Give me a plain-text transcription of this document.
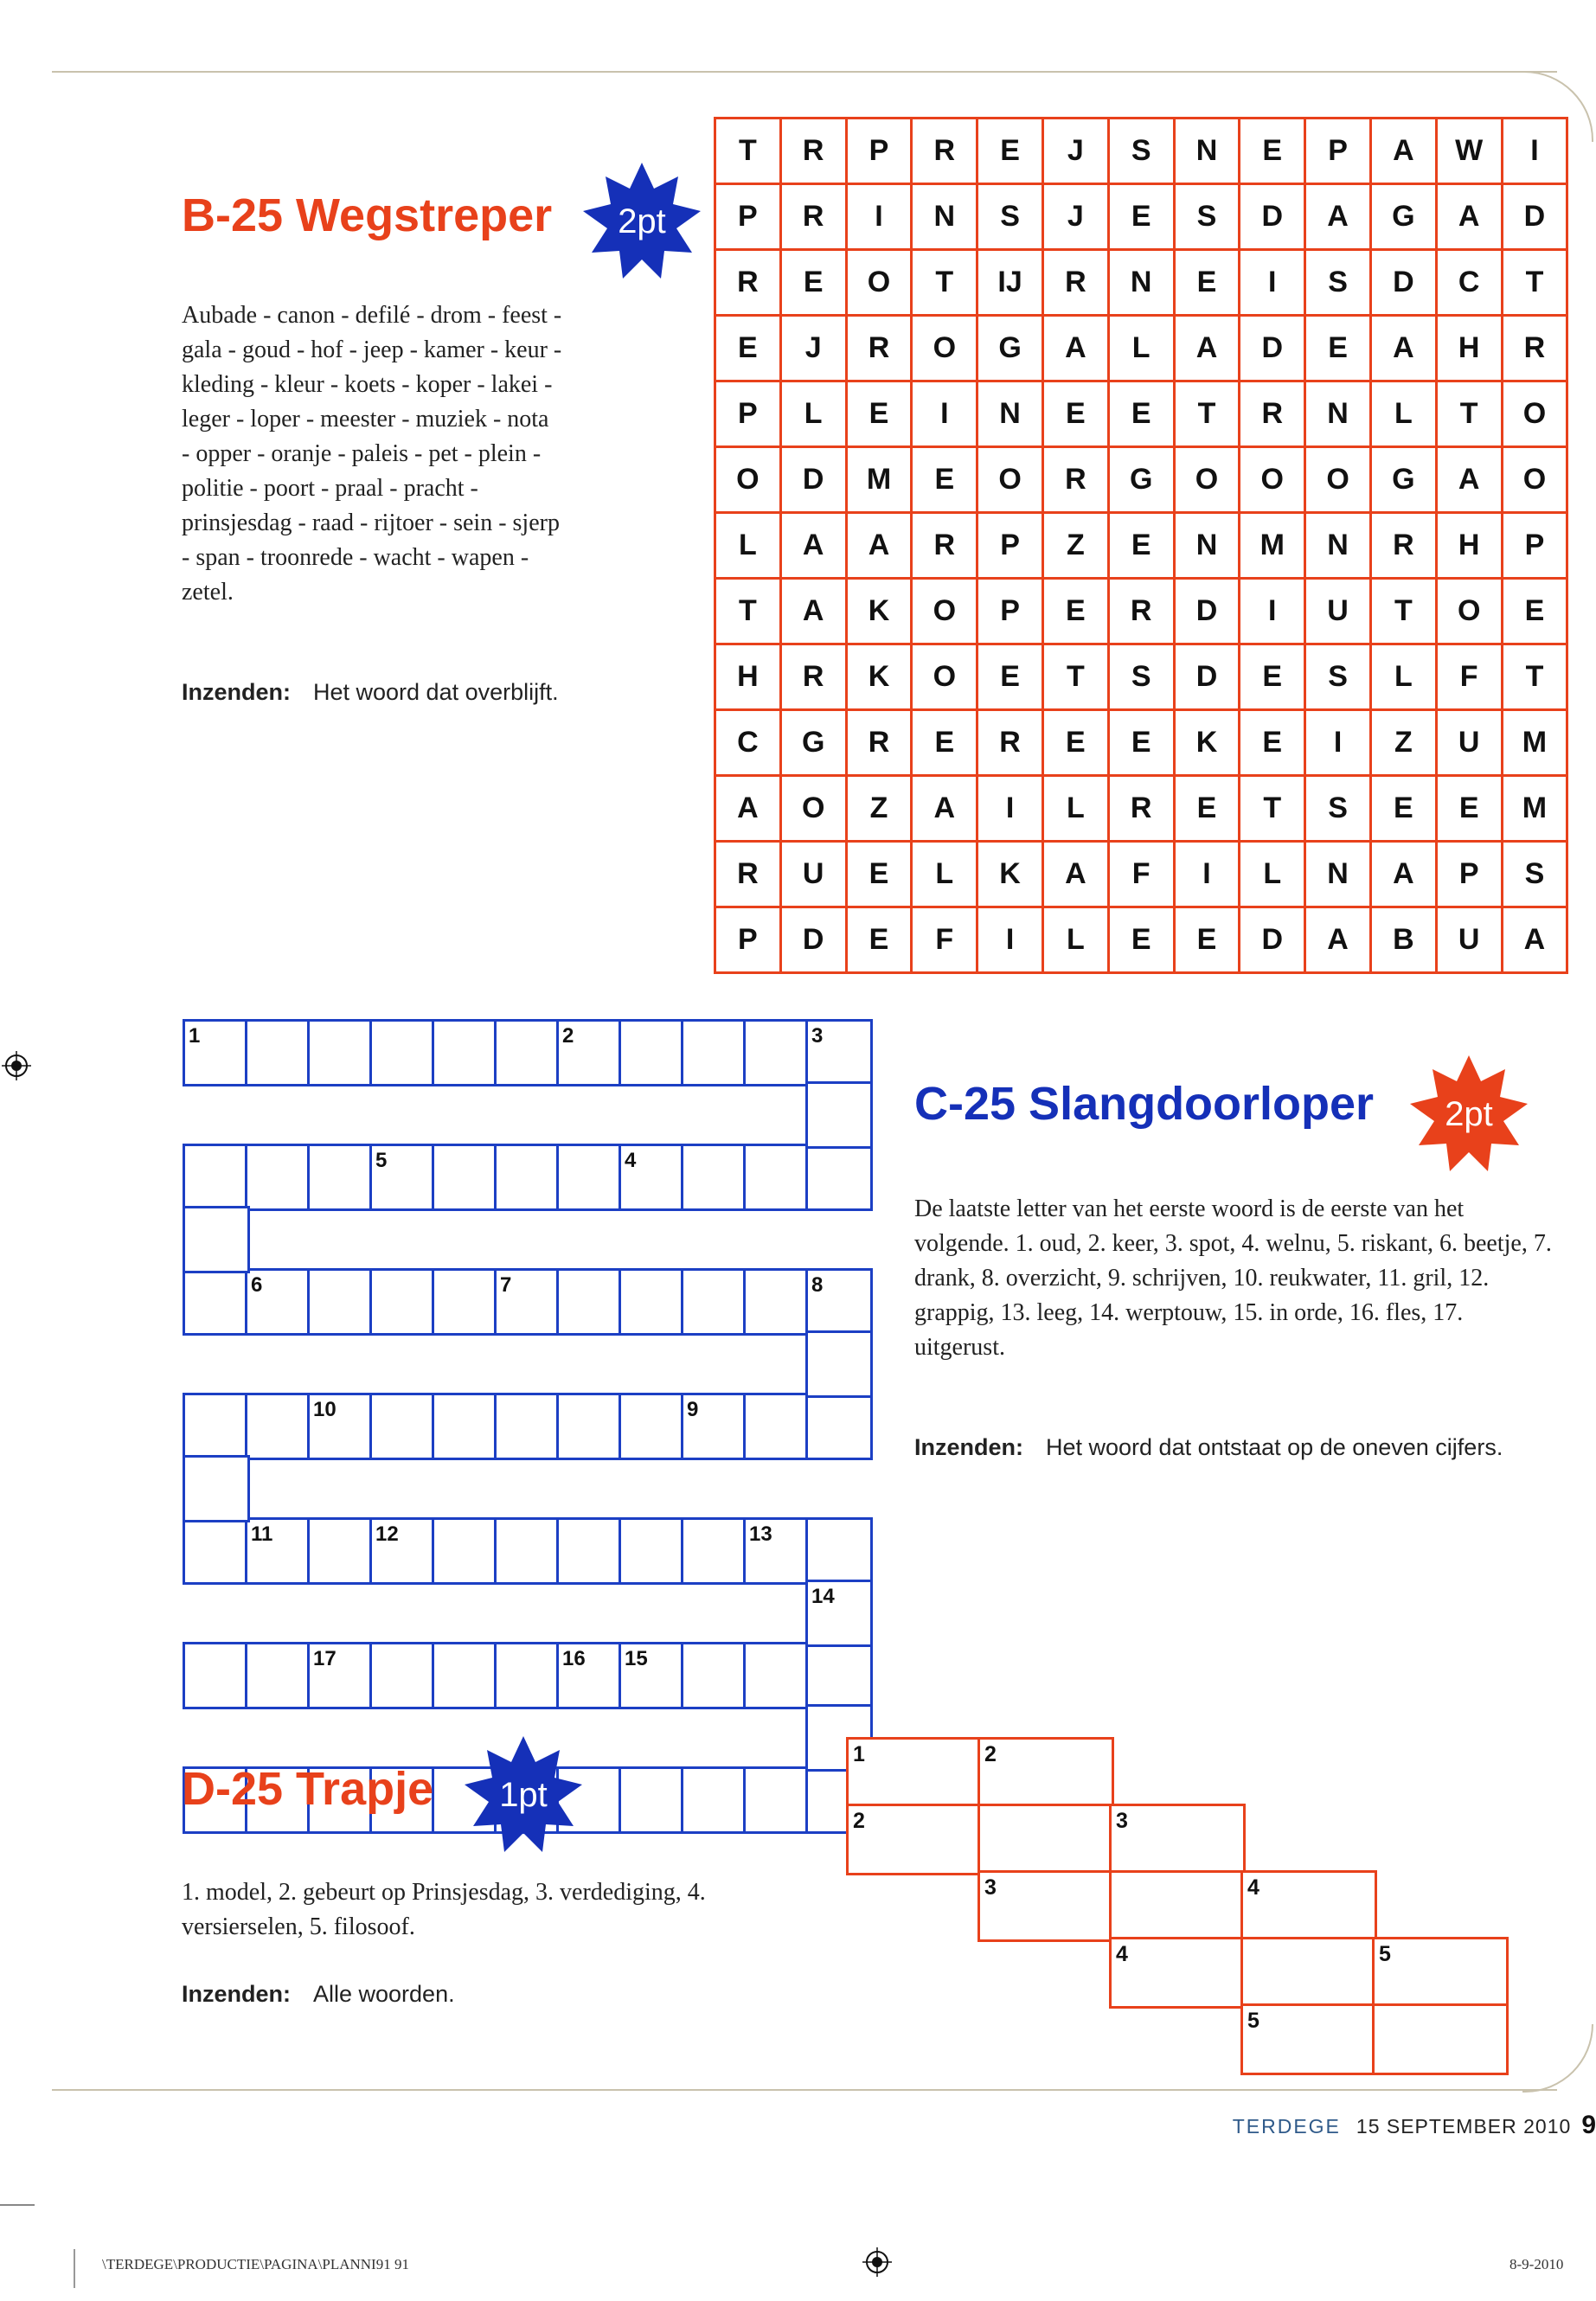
B-25 Wegstreper	2pt
Aubade - canon - defilé - drom - feest - gala - goud - hof - jeep - kamer - keur - kleding - kleur - koets - koper - lakei - leger - loper - meester - muziek - nota - opper - oranje - paleis - pet - plein - politie - poort - praal - pracht - prinsjesdag - raad - rijtoer - sein - sjerp - span - troonrede - wacht - wapen - zetel.
Inzenden: Het woord dat overblijft.
T	R	P	R	E	J	S	N	E	P	A	W	I
P	R	I	N	S	J	E	S	D	A	G	A	D
R	E	O	T	IJ	R	N	E	I	S	D	C	T
E	J	R	O	G	A	L	A	D	E	A	H	R
P	L	E	I	N	E	E	T	R	N	L	T	O
O	D	M	E	O	R	G	O	O	O	G	A	O
L	A	A	R	P	Z	E	N	M	N	R	H	P
T	A	K	O	P	E	R	D	I	U	T	O	E
H	R	K	O	E	T	S	D	E	S	L	F	T
C	G	R	E	R	E	E	K	E	I	Z	U	M
A	O	Z	A	I	L	R	E	T	S	E	E	M
R	U	E	L	K	A	F	I	L	N	A	P	S
P	D	E	F	I	L	E	E	D	A	B	U	A
1	2	3
5	4
6	7	8
10	9
11	12	13
17	16 15
14
C-25 Slangdoorloper	2pt
De laatste letter van het eerste woord is de eerste van het volgende. 1. oud, 2. keer, 3. spot, 4. welnu, 5. riskant, 6. beetje, 7. drank, 8. overzicht, 9. schrijven, 10. reukwater, 11. gril, 12. grappig, 13. leeg, 14. werptouw, 15. in orde, 16. fles, 17. uitgerust.
Inzenden: Het woord dat ontstaat op de oneven cijfers.
D-25 Trapje	1pt
1. model, 2. gebeurt op Prinsjesdag, 3. verdediging, 4. versierselen, 5. filosoof.
Inzenden: Alle woorden.
1	2
2	3
3	4
4	5
5
TERDEGE 15 SEPTEMBER 2010 9
\TERDEGE\PRODUCTIE\PAGINA\PLANNI91 91	8-9-2010
